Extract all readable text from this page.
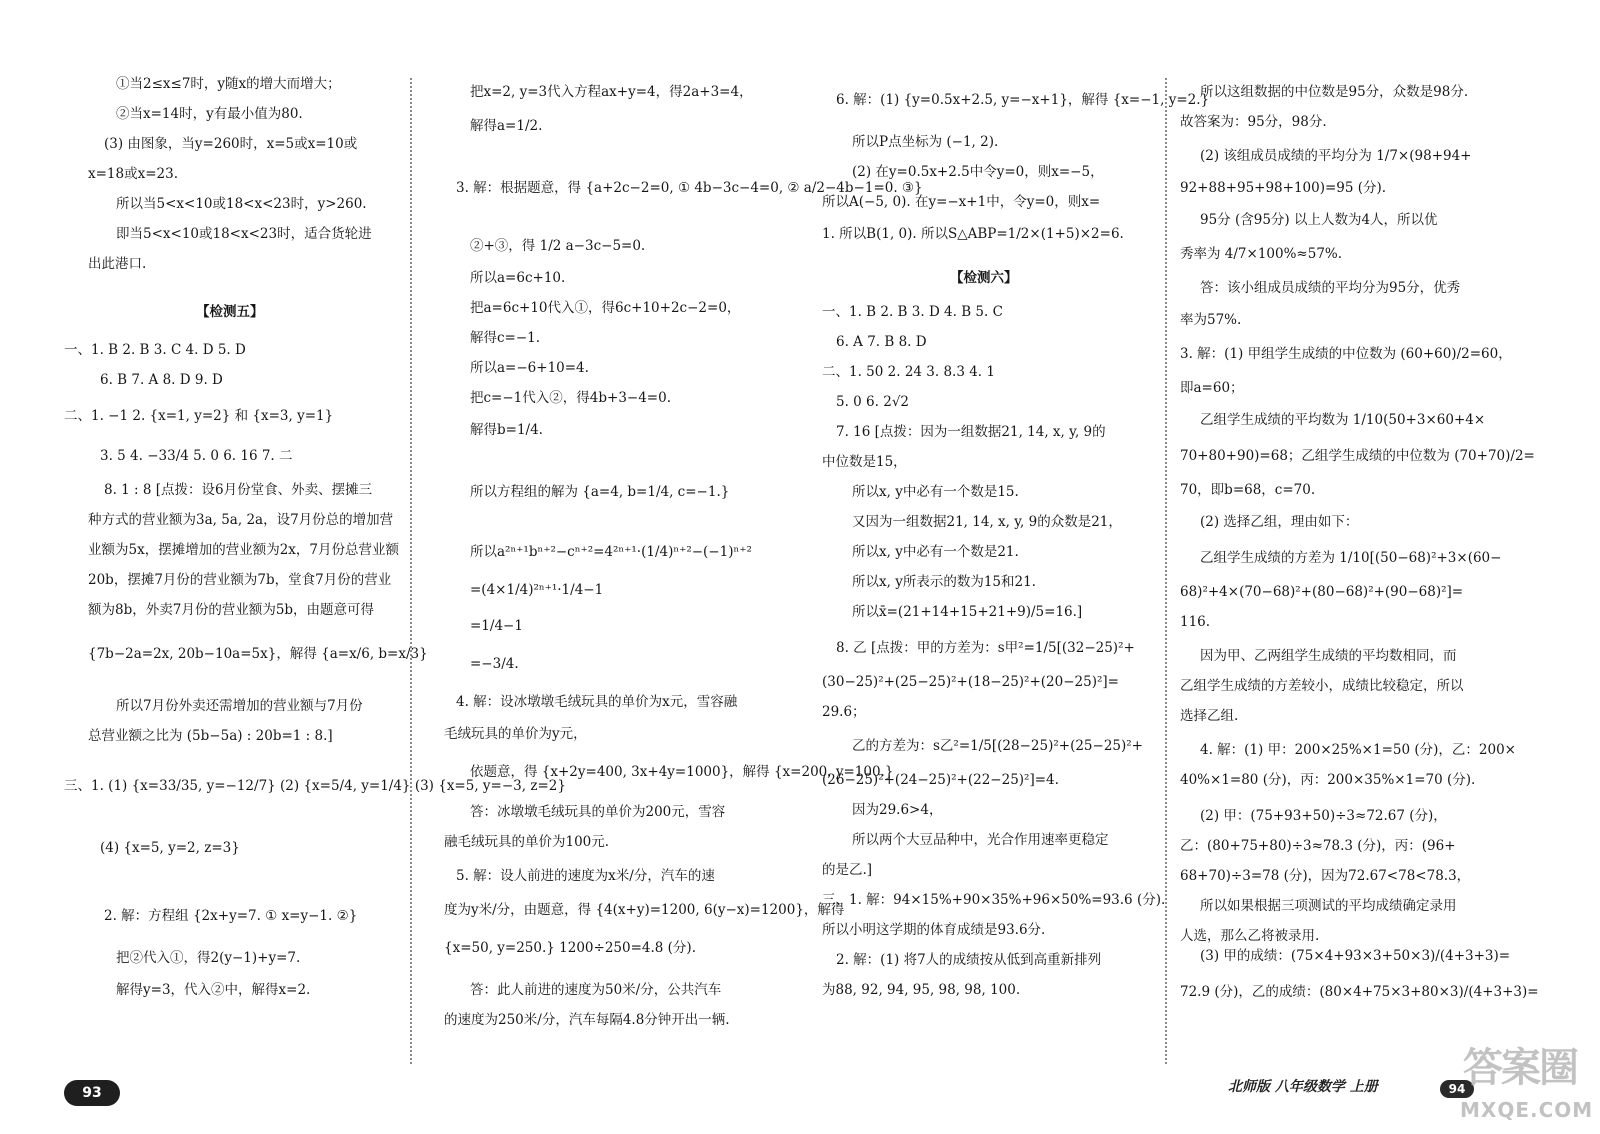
①当2≤x≤7时，y随x的增大而增大；
②当x=14时，y有最小值为80.
(3) 由图象，当y=260时，x=5或x=10或
x=18或x=23.
所以当5<x<10或18<x<23时，y>260.
即当5<x<10或18<x<23时，适合货轮进
出此港口.
【检测五】
一、1. B 2. B 3. C 4. D 5. D
6. B 7. A 8. D 9. D
二、1. −1 2. {x=1, y=2} 和 {x=3, y=1}
3. 5 4. −33/4 5. 0 6. 16 7. 二
8. 1 : 8 [点拨：设6月份堂食、外卖、摆摊三
种方式的营业额为3a, 5a, 2a，设7月份总的增加营
业额为5x，摆摊增加的营业额为2x，7月份总营业额
20b，摆摊7月份的营业额为7b，堂食7月份的营业
额为8b，外卖7月份的营业额为5b，由题意可得
{7b−2a=2x, 20b−10a=5x}，解得 {a=x/6, b=x/3}
所以7月份外卖还需增加的营业额与7月份
总营业额之比为 (5b−5a) : 20b=1 : 8.]
三、1. (1) {x=33/35, y=−12/7} (2) {x=5/4, y=1/4} (3) {x=5, y=−3, z=2}
(4) {x=5, y=2, z=3}
2. 解：方程组 {2x+y=7. ① x=y−1. ②}
把②代入①，得2(y−1)+y=7.
解得y=3，代入②中，解得x=2.
把x=2, y=3代入方程ax+y=4，得2a+3=4，
解得a=1/2.
3. 解：根据题意，得 {a+2c−2=0, ① 4b−3c−4=0, ② a/2−4b−1=0. ③}
②+③，得 1/2 a−3c−5=0.
所以a=6c+10.
把a=6c+10代入①，得6c+10+2c−2=0，
解得c=−1.
所以a=−6+10=4.
把c=−1代入②，得4b+3−4=0.
解得b=1/4.
所以方程组的解为 {a=4, b=1/4, c=−1.}
所以a²ⁿ⁺¹bⁿ⁺²−cⁿ⁺²=4²ⁿ⁺¹·(1/4)ⁿ⁺²−(−1)ⁿ⁺²
=(4×1/4)²ⁿ⁺¹·1/4−1
=1/4−1
=−3/4.
4. 解：设冰墩墩毛绒玩具的单价为x元，雪容融
毛绒玩具的单价为y元，
依题意，得 {x+2y=400, 3x+4y=1000}，解得 {x=200, y=100.}
答：冰墩墩毛绒玩具的单价为200元，雪容
融毛绒玩具的单价为100元.
5. 解：设人前进的速度为x米/分，汽车的速
度为y米/分，由题意，得 {4(x+y)=1200, 6(y−x)=1200}，解得
{x=50, y=250.} 1200÷250=4.8 (分).
答：此人前进的速度为50米/分，公共汽车
的速度为250米/分，汽车每隔4.8分钟开出一辆.
6. 解：(1) {y=0.5x+2.5, y=−x+1}，解得 {x=−1, y=2.}
所以P点坐标为 (−1, 2).
(2) 在y=0.5x+2.5中令y=0，则x=−5，
所以A(−5, 0). 在y=−x+1中，令y=0，则x=
1. 所以B(1, 0). 所以S△ABP=1/2×(1+5)×2=6.
【检测六】
一、1. B 2. B 3. D 4. B 5. C
6. A 7. B 8. D
二、1. 50 2. 24 3. 8.3 4. 1
5. 0 6. 2√2
7. 16 [点拨：因为一组数据21, 14, x, y, 9的
中位数是15，
所以x, y中必有一个数是15.
又因为一组数据21, 14, x, y, 9的众数是21，
所以x, y中必有一个数是21.
所以x, y所表示的数为15和21.
所以x̄=(21+14+15+21+9)/5=16.]
8. 乙 [点拨：甲的方差为：s甲²=1/5[(32−25)²+
(30−25)²+(25−25)²+(18−25)²+(20−25)²]=
29.6；
乙的方差为：s乙²=1/5[(28−25)²+(25−25)²+
(26−25)²+(24−25)²+(22−25)²]=4.
因为29.6>4，
所以两个大豆品种中，光合作用速率更稳定
的是乙.]
三、1. 解：94×15%+90×35%+96×50%=93.6 (分).
所以小明这学期的体育成绩是93.6分.
2. 解：(1) 将7人的成绩按从低到高重新排列
为88, 92, 94, 95, 98, 98, 100.
所以这组数据的中位数是95分，众数是98分.
故答案为：95分，98分.
(2) 该组成员成绩的平均分为 1/7×(98+94+
92+88+95+98+100)=95 (分).
95分 (含95分) 以上人数为4人，所以优
秀率为 4/7×100%≈57%.
答：该小组成员成绩的平均分为95分，优秀
率为57%.
3. 解：(1) 甲组学生成绩的中位数为 (60+60)/2=60，
即a=60；
乙组学生成绩的平均数为 1/10(50+3×60+4×
70+80+90)=68；乙组学生成绩的中位数为 (70+70)/2=
70，即b=68，c=70.
(2) 选择乙组，理由如下：
乙组学生成绩的方差为 1/10[(50−68)²+3×(60−
68)²+4×(70−68)²+(80−68)²+(90−68)²]=
116.
因为甲、乙两组学生成绩的平均数相同，而
乙组学生成绩的方差较小，成绩比较稳定，所以
选择乙组.
4. 解：(1) 甲：200×25%×1=50 (分)，乙：200×
40%×1=80 (分)，丙：200×35%×1=70 (分).
(2) 甲：(75+93+50)÷3≈72.67 (分)，
乙：(80+75+80)÷3≈78.3 (分)，丙：(96+
68+70)÷3=78 (分)，因为72.67<78<78.3，
所以如果根据三项测试的平均成绩确定录用
人选，那么乙将被录用.
(3) 甲的成绩：(75×4+93×3+50×3)/(4+3+3)=
72.9 (分)，乙的成绩：(80×4+75×3+80×3)/(4+3+3)=
93	北师版 八年级数学 上册	94
答案圈
MXQE.COM
